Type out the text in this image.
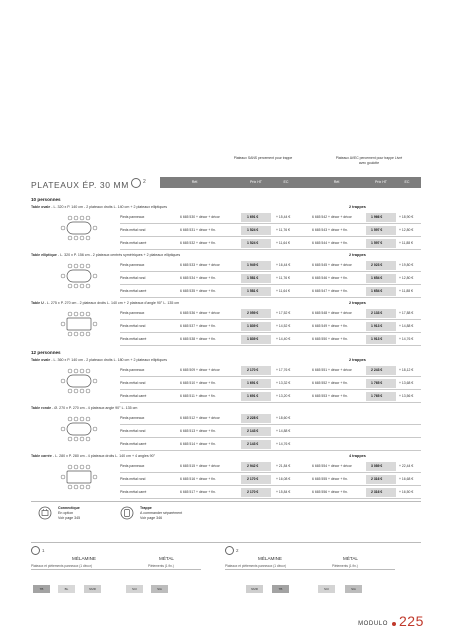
Plateaux SANS percement pour trappe	Plateaux AVEC percement pour trappe Livré avec goulotte
PLATEAUX ÉP. 30 MM	2	Réf.	Prix HT	EC	Réf.	Prix HT	EC
10 personnes
Table ovale - L. 320 x P. 140 cm - 2 plateaux droits L. 140 cm + 2 plateaux elliptiques	2 trappes
Pieds panneaux	6 665 530 + décor + décor	1 691 €	+ 15,44 €	6 665 542 + décor + décor	1 966 €	+ 18,90 €
Pieds métal rond	6 665 531 + décor + fin.	1 524 €	+ 11,76 €	6 665 543 + décor + fin.	1 597 €	+ 12,80 €
Pieds métal carré	6 665 532 + décor + fin.	1 524 €	+ 11,64 €	6 665 544 + décor + fin.	1 597 €	+ 11,88 €
Table elliptique - L. 320 x P. 156 cm - 2 plateaux centrés symétriques + 2 plateaux elliptiques	2 trappes
Pieds panneaux	6 665 533 + décor + décor	1 949 €	+ 16,44 €	6 665 545 + décor + décor	2 023 €	+ 19,80 €
Pieds métal rond	6 665 534 + décor + fin.	1 581 €	+ 11,76 €	6 665 546 + décor + fin.	1 654 €	+ 12,80 €
Pieds métal carré	6 665 535 + décor + fin.	1 581 €	+ 11,64 €	6 665 547 + décor + fin.	1 654 €	+ 11,88 €
Table U - L. 275 x P. 270 cm - 2 plateaux droits L. 140 cm + 2 plateaux d'angle 90° L. 135 cm	2 trappes
Pieds panneaux	6 665 536 + décor + décor	2 059 €	+ 17,52 €	6 665 548 + décor + décor	2 133 €	+ 17,88 €
Pieds métal rond	6 665 537 + décor + fin.	1 839 €	+ 14,52 €	6 665 549 + décor + fin.	1 913 €	+ 14,88 €
Pieds métal carré	6 665 538 + décor + fin.	1 839 €	+ 14,40 €	6 665 550 + décor + fin.	1 913 €	+ 14,76 €
12 personnes
Table ovale - L. 360 x P. 140 cm - 2 plateaux droits L. 180 cm + 2 plateaux elliptiques	2 trappes
Pieds panneaux	6 665 509 + décor + décor	2 170 €	+ 17,76 €	6 665 551 + décor + décor	2 243 €	+ 18,12 €
Pieds métal rond	6 665 510 + décor + fin.	1 691 €	+ 13,32 €	6 665 552 + décor + fin.	1 765 €	+ 13,68 €
Pieds métal carré	6 665 511 + décor + fin.	1 691 €	+ 13,20 €	6 665 553 + décor + fin.	1 765 €	+ 13,56 €
Table ronde - Ø. 270 x P. 270 cm - 4 plateaux angle 90° L. 135 cm
Pieds panneaux	6 665 512 + décor + décor	2 228 €	+ 18,60 €
Pieds métal rond	6 665 513 + décor + fin.	2 143 €	+ 14,88 €
Pieds métal carré	6 665 514 + décor + fin.	2 143 €	+ 14,76 €
Table carrée - L. 280 x P. 280 cm - 4 plateaux droits L. 140 cm + 4 angles 90°	4 trappes
Pieds panneaux	6 665 515 + décor + décor	2 942 €	+ 21,84 €	6 665 554 + décor + décor	3 089 €	+ 22,44 €
Pieds métal rond	6 665 516 + décor + fin.	2 170 €	+ 16,08 €	6 665 555 + décor + fin.	2 316 €	+ 16,68 €
Pieds métal carré	6 665 517 + décor + fin.	2 170 €	+ 15,84 €	6 665 556 + décor + fin.	2 316 €	+ 16,50 €
Connectique
En option
Voir page 345
Trappe
A commander séparément
Voir page 346
1
MÉLAMINE
Plateaux et piètements panneaux (1 décor)
MÉTAL
Piètements (1 fin.)
2
MÉLAMINE
Plateaux et piètements panneaux (1 décor)
MÉTAL
Piètements (1 fin.)
TB	BL	NMR	SCI	SIA	NMR	TB	SCI	SIA
MODULO 225
